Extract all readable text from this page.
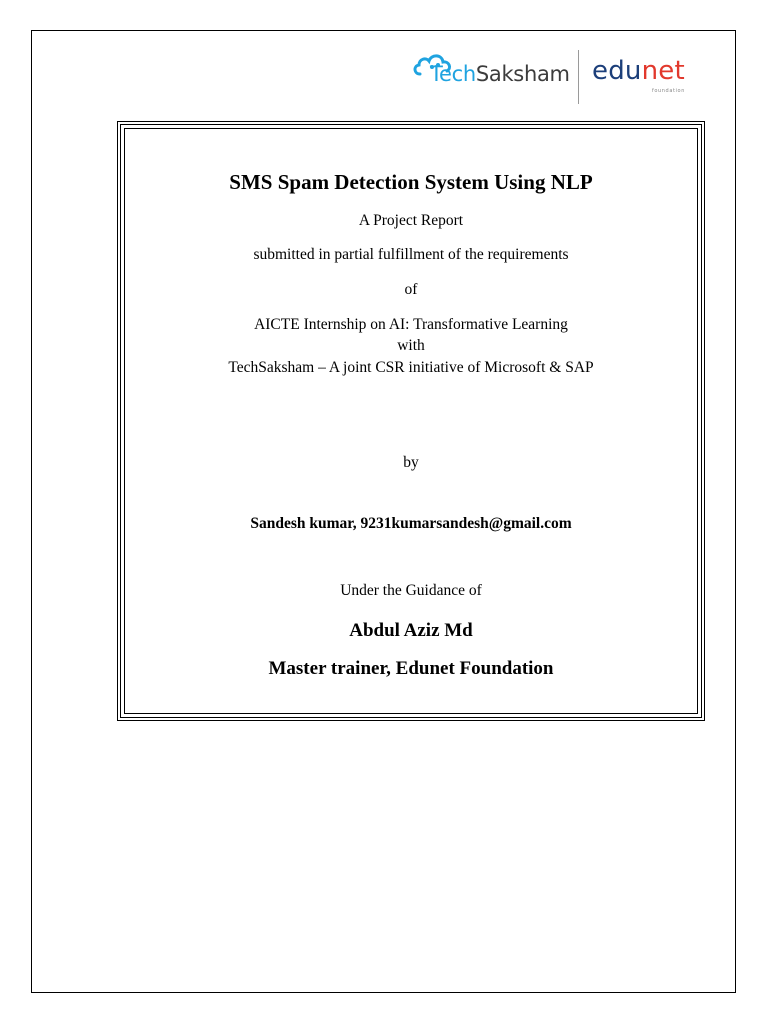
TechSaksham edunet
foundation
SMS Spam Detection System Using NLP
A Project Report
submitted in partial fulfillment of the requirements
of
AICTE Internship on AI: Transformative Learning
with
TechSaksham – A joint CSR initiative of Microsoft & SAP
by
Sandesh kumar, 9231kumarsandesh@gmail.com
Under the Guidance of
Abdul Aziz Md
Master trainer, Edunet Foundation
